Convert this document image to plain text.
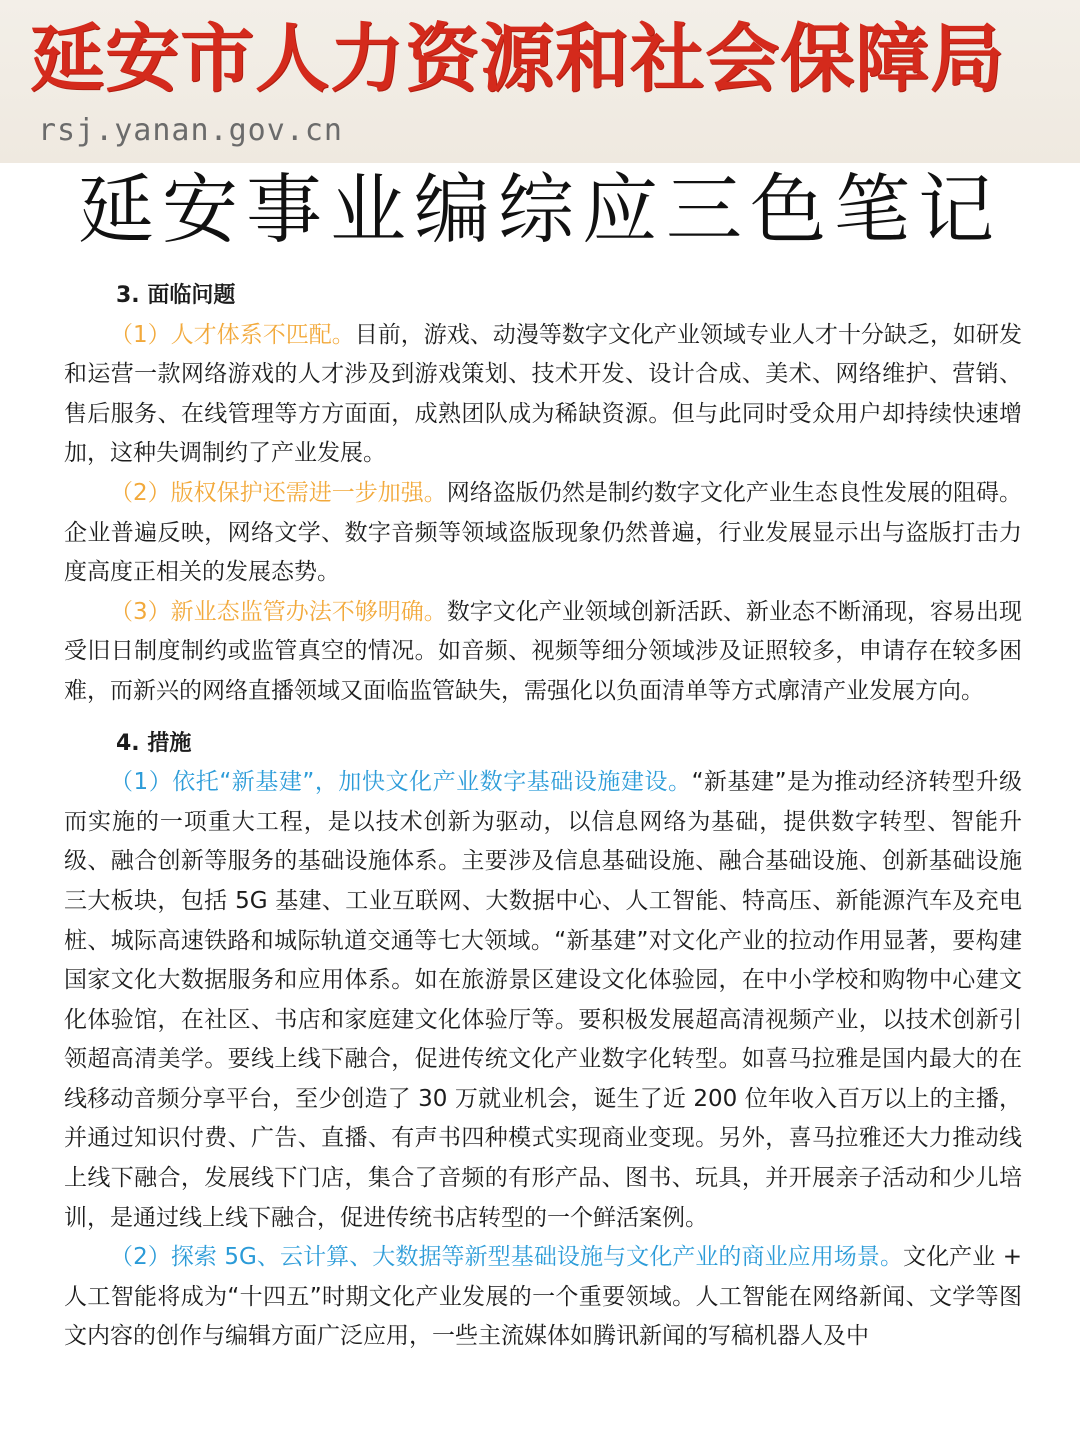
延安市人力资源和社会保障局
rsj.yanan.gov.cn
延安事业编综应三色笔记

3. 面临问题

（1）人才体系不匹配。目前，游戏、动漫等数字文化产业领域专业人才十分缺乏，如研发和运营一款网络游戏的人才涉及到游戏策划、技术开发、设计合成、美术、网络维护、营销、售后服务、在线管理等方方面面，成熟团队成为稀缺资源。但与此同时受众用户却持续快速增加，这种失调制约了产业发展。

（2）版权保护还需进一步加强。网络盗版仍然是制约数字文化产业生态良性发展的阻碍。企业普遍反映，网络文学、数字音频等领域盗版现象仍然普遍，行业发展显示出与盗版打击力度高度正相关的发展态势。

（3）新业态监管办法不够明确。数字文化产业领域创新活跃、新业态不断涌现，容易出现受旧日制度制约或监管真空的情况。如音频、视频等细分领域涉及证照较多，申请存在较多困难，而新兴的网络直播领域又面临监管缺失，需强化以负面清单等方式廓清产业发展方向。

4. 措施

（1）依托“新基建”，加快文化产业数字基础设施建设。“新基建”是为推动经济转型升级而实施的一项重大工程，是以技术创新为驱动，以信息网络为基础，提供数字转型、智能升级、融合创新等服务的基础设施体系。主要涉及信息基础设施、融合基础设施、创新基础设施三大板块，包括 5G 基建、工业互联网、大数据中心、人工智能、特高压、新能源汽车及充电桩、城际高速铁路和城际轨道交通等七大领域。“新基建”对文化产业的拉动作用显著，要构建国家文化大数据服务和应用体系。如在旅游景区建设文化体验园，在中小学校和购物中心建文化体验馆，在社区、书店和家庭建文化体验厅等。要积极发展超高清视频产业，以技术创新引领超高清美学。要线上线下融合，促进传统文化产业数字化转型。如喜马拉雅是国内最大的在线移动音频分享平台，至少创造了 30 万就业机会，诞生了近 200 位年收入百万以上的主播，并通过知识付费、广告、直播、有声书四种模式实现商业变现。另外，喜马拉雅还大力推动线上线下融合，发展线下门店，集合了音频的有形产品、图书、玩具，并开展亲子活动和少儿培训，是通过线上线下融合，促进传统书店转型的一个鲜活案例。

（2）探索 5G、云计算、大数据等新型基础设施与文化产业的商业应用场景。文化产业 + 人工智能将成为“十四五”时期文化产业发展的一个重要领域。人工智能在网络新闻、文学等图文内容的创作与编辑方面广泛应用，一些主流媒体如腾讯新闻的写稿机器人及中
